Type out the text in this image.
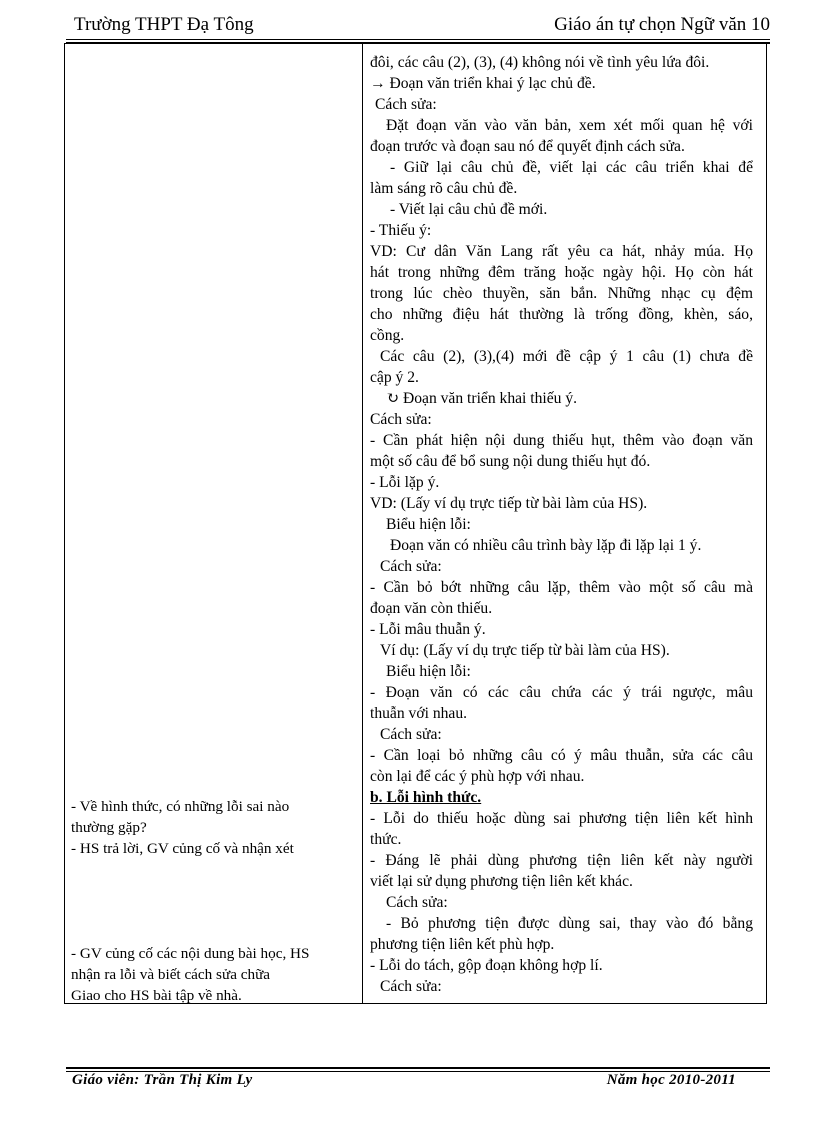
Trường THPT Đạ Tông	Giáo án tự chọn Ngữ văn 10
- Về hình thức, có những lỗi sai nào
thường gặp?
- HS trả lời, GV củng cố và nhận xét
- GV củng cố các nội dung bài học, HS
nhận ra lỗi và biết cách sửa chữa
Giao cho HS bài tập về nhà.
đôi, các câu (2), (3), (4) không nói về tình yêu lứa đôi.
→ Đoạn văn triển khai ý lạc chủ đề.
Cách sửa:
Đặt đoạn văn vào văn bản, xem xét mối quan hệ với
đoạn trước và đoạn sau nó để quyết định cách sửa.
- Giữ lại câu chủ đề, viết lại các câu triển khai để
làm sáng rõ câu chủ đề.
- Viết lại câu chủ đề mới.
- Thiếu ý:
VD: Cư dân Văn Lang rất yêu ca hát, nhảy múa. Họ
hát trong những đêm trăng hoặc ngày hội. Họ còn hát
trong lúc chèo thuyền, săn bắn. Những nhạc cụ đệm
cho những điệu hát thường là trống đồng, khèn, sáo,
cồng.
Các câu (2), (3),(4) mới đề cập ý 1 câu (1) chưa đề
cập ý 2.
↻ Đoạn văn triển khai thiếu ý.
Cách sửa:
- Cần phát hiện nội dung thiếu hụt, thêm vào đoạn văn
một số câu để bổ sung nội dung thiếu hụt đó.
- Lỗi lặp ý.
VD: (Lấy ví dụ trực tiếp từ bài làm của HS).
Biểu hiện lỗi:
Đoạn văn có nhiều câu trình bày lặp đi lặp lại 1 ý.
Cách sửa:
- Cần bỏ bớt những câu lặp, thêm vào một số câu mà
đoạn văn còn thiếu.
- Lỗi mâu thuẫn ý.
Ví dụ: (Lấy ví dụ trực tiếp từ bài làm của HS).
Biểu hiện lỗi:
- Đoạn văn có các câu chứa các ý trái ngược, mâu
thuẫn với nhau.
Cách sửa:
- Cần loại bỏ những câu có ý mâu thuẫn, sửa các câu
còn lại để các ý phù hợp với nhau.
b. Lỗi hình thức.
- Lỗi do thiếu hoặc dùng sai phương tiện liên kết hình
thức.
- Đáng lẽ phải dùng phương tiện liên kết này người
viết lại sử dụng phương tiện liên kết khác.
Cách sửa:
- Bỏ phương tiện được dùng sai, thay vào đó bằng
phương tiện liên kết phù hợp.
- Lỗi do tách, gộp đoạn không hợp lí.
Cách sửa:
Giáo viên: Trần Thị Kim Ly	Năm học 2010-2011
